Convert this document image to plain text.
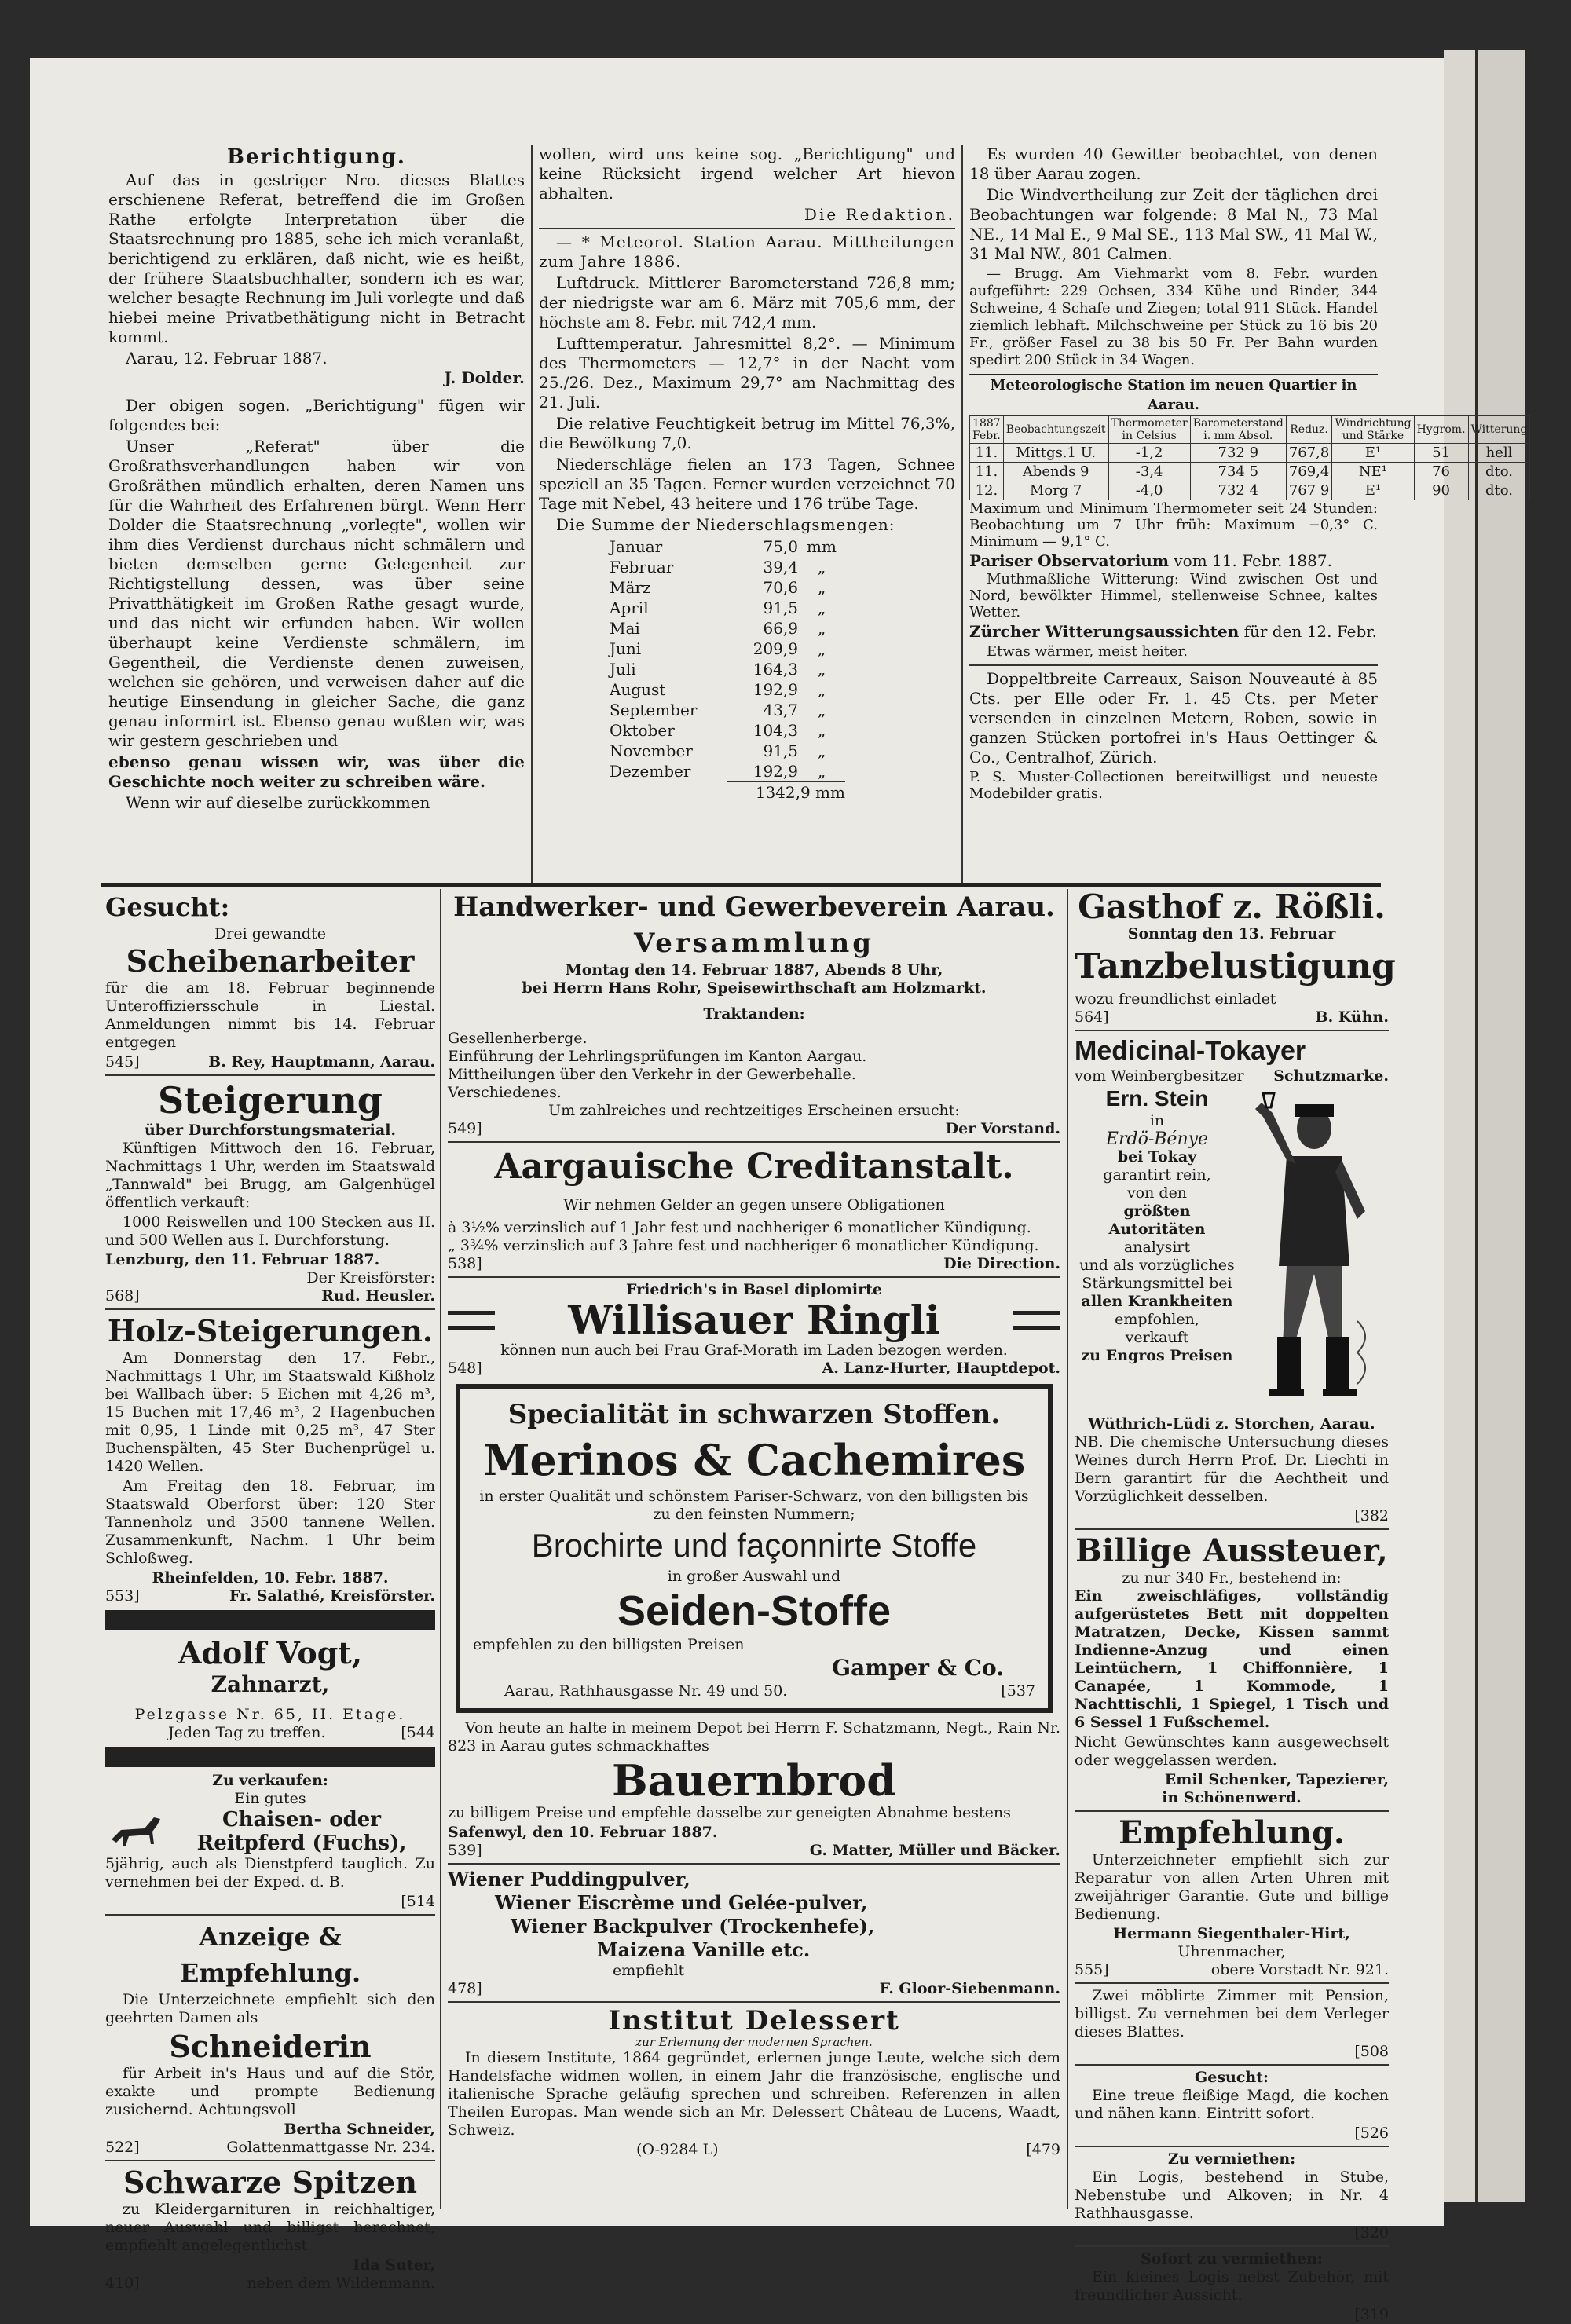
Berichtigung.

Auf das in gestriger Nro. dieses Blattes erschienene Referat, betreffend die im Großen Rathe erfolgte Interpretation über die Staatsrechnung pro 1885, sehe ich mich veranlaßt, berichtigend zu erklären, daß nicht, wie es heißt, der frühere Staatsbuchhalter, sondern ich es war, welcher besagte Rechnung im Juli vorlegte und daß hiebei meine Privatbethätigung nicht in Betracht kommt.

Aarau, 12. Februar 1887.
J. Dolder.

Der obigen sogen. „Berichtigung" fügen wir folgendes bei:

Unser „Referat" über die Großrathsverhandlungen haben wir von Großräthen mündlich erhalten, deren Namen uns für die Wahrheit des Erfahrenen bürgt. Wenn Herr Dolder die Staatsrechnung „vorlegte", wollen wir ihm dies Verdienst durchaus nicht schmälern und bieten demselben gerne Gelegenheit zur Richtigstellung dessen, was über seine Privatthätigkeit im Großen Rathe gesagt wurde, und das nicht wir erfunden haben. Wir wollen überhaupt keine Verdienste schmälern, im Gegentheil, die Verdienste denen zuweisen, welchen sie gehören, und verweisen daher auf die heutige Einsendung in gleicher Sache, die ganz genau informirt ist. Ebenso genau wußten wir, was wir gestern geschrieben und

ebenso genau wissen wir, was über die Geschichte noch weiter zu schreiben wäre.

Wenn wir auf dieselbe zurückkommen

wollen, wird uns keine sog. „Berichtigung" und keine Rücksicht irgend welcher Art hievon abhalten.

Die Redaktion.

— * Meteorol. Station Aarau. Mittheilungen zum Jahre 1886.

Luftdruck. Mittlerer Barometerstand 726,8 mm; der niedrigste war am 6. März mit 705,6 mm, der höchste am 8. Febr. mit 742,4 mm.

Lufttemperatur. Jahresmittel 8,2°. — Minimum des Thermometers — 12,7° in der Nacht vom 25./26. Dez., Maximum 29,7° am Nachmittag des 21. Juli.

Die relative Feuchtigkeit betrug im Mittel 76,3%, die Bewölkung 7,0.

Niederschläge fielen an 173 Tagen, Schnee speziell an 35 Tagen. Ferner wurden verzeichnet 70 Tage mit Nebel, 43 heitere und 176 trübe Tage.

Die Summe der Niederschlagsmengen:

Januar	75,0 mm
Februar	39,4	„
März	70,6	„
April	91,5	„
Mai	66,9	„
Juni	209,9	„
Juli	164,3	„
August	192,9	„
September	43,7	„
Oktober	104,3	„
November	91,5	„
Dezember	192,9	„
1342,9 mm

Es wurden 40 Gewitter beobachtet, von denen 18 über Aarau zogen.

Die Windvertheilung zur Zeit der täglichen drei Beobachtungen war folgende: 8 Mal N., 73 Mal NE., 14 Mal E., 9 Mal SE., 113 Mal SW., 41 Mal W., 31 Mal NW., 801 Calmen.

— Brugg. Am Viehmarkt vom 8. Febr. wurden aufgeführt: 229 Ochsen, 334 Kühe und Rinder, 344 Schweine, 4 Schafe und Ziegen; total 911 Stück. Handel ziemlich lebhaft. Milchschweine per Stück zu 16 bis 20 Fr., größer Fasel zu 38 bis 50 Fr. Per Bahn wurden spedirt 200 Stück in 34 Wagen.

Meteorologische Station im neuen Quartier in Aarau.
1887 Febr.	Beobachtungszeit	Thermometer in Celsius	Barometerstand i. mm Absol.	Reduz.	Windrichtung und Stärke	Hygrom.	Witterung
11.	Mittgs.1 U.	-1,2	732 9	767,8	E¹	51	hell
11.	Abends 9	-3,4	734 5	769,4	NE¹	76	dto.
12.	Morg 7	-4,0	732 4	767 9	E¹	90	dto.

Maximum und Minimum Thermometer seit 24 Stunden: Beobachtung um 7 Uhr früh: Maximum −0,3° C. Minimum — 9,1° C.

Pariser Observatorium vom 11. Febr. 1887.

Muthmaßliche Witterung: Wind zwischen Ost und Nord, bewölkter Himmel, stellenweise Schnee, kaltes Wetter.

Zürcher Witterungsaussichten für den 12. Febr.

Etwas wärmer, meist heiter.

Doppeltbreite Carreaux, Saison Nouveauté à 85 Cts. per Elle oder Fr. 1. 45 Cts. per Meter versenden in einzelnen Metern, Roben, sowie in ganzen Stücken portofrei in's Haus Oettinger & Co., Centralhof, Zürich.

P. S. Muster-Collectionen bereitwilligst und neueste Modebilder gratis.

Gesucht:
Drei gewandte
Scheibenarbeiter

für die am 18. Februar beginnende Unteroffiziersschule in Liestal. Anmeldungen nimmt bis 14. Februar entgegen

545]	B. Rey, Hauptmann, Aarau.
Steigerung
über Durchforstungsmaterial.

Künftigen Mittwoch den 16. Februar, Nachmittags 1 Uhr, werden im Staatswald „Tannwald" bei Brugg, am Galgenhügel öffentlich verkauft:

1000 Reiswellen und 100 Stecken aus II. und 500 Wellen aus I. Durchforstung.

Lenzburg, den 11. Februar 1887.
Der Kreisförster:
568]	Rud. Heusler.
Holz-Steigerungen.

Am Donnerstag den 17. Febr., Nachmittags 1 Uhr, im Staatswald Kißholz bei Wallbach über: 5 Eichen mit 4,26 m³, 15 Buchen mit 17,46 m³, 2 Hagenbuchen mit 0,95, 1 Linde mit 0,25 m³, 47 Ster Buchenspälten, 45 Ster Buchenprügel u. 1420 Wellen.

Am Freitag den 18. Februar, im Staatswald Oberforst über: 120 Ster Tannenholz und 3500 tannene Wellen. Zusammenkunft, Nachm. 1 Uhr beim Schloßweg.

Rheinfelden, 10. Febr. 1887.
553]	Fr. Salathé, Kreisförster.
Adolf Vogt,
Zahnarzt,
Pelzgasse Nr. 65, II. Etage.
Jeden Tag zu treffen.	[544
Zu verkaufen:
Ein gutes
Chaisen- oder Reitpferd (Fuchs),

5jährig, auch als Dienstpferd tauglich. Zu vernehmen bei der Exped. d. B.

[514
Anzeige & Empfehlung.

Die Unterzeichnete empfiehlt sich den geehrten Damen als

Schneiderin

für Arbeit in's Haus und auf die Stör, exakte und prompte Bedienung zusichernd. Achtungsvoll

Bertha Schneider,
522]	Golattenmattgasse Nr. 234.
Schwarze Spitzen

zu Kleidergarnituren in reichhaltiger, neuer Auswahl und billigst berechnet, empfiehlt angelegentlichst

Ida Suter,
410]	neben dem Wildenmann.
Handwerker- und Gewerbeverein Aarau.
Versammlung
Montag den 14. Februar 1887, Abends 8 Uhr,
bei Herrn Hans Rohr, Speisewirthschaft am Holzmarkt.
Traktanden:
Gesellenherberge.
Einführung der Lehrlingsprüfungen im Kanton Aargau.
Mittheilungen über den Verkehr in der Gewerbehalle.
Verschiedenes.
Um zahlreiches und rechtzeitiges Erscheinen ersucht:
549]	Der Vorstand.
Aargauische Creditanstalt.
Wir nehmen Gelder an gegen unsere Obligationen
à 3½% verzinslich auf 1 Jahr fest und nachheriger 6 monatlicher Kündigung.
„ 3¾% verzinslich auf 3 Jahre fest und nachheriger 6 monatlicher Kündigung.
538]	Die Direction.
Friedrich's in Basel diplomirte
Willisauer Ringli
können nun auch bei Frau Graf-Morath im Laden bezogen werden.
548]	A. Lanz-Hurter, Hauptdepot.
Specialität in schwarzen Stoffen.
Merinos & Cachemires
in erster Qualität und schönstem Pariser-Schwarz, von den billigsten bis zu den feinsten Nummern;
Brochirte und façonnirte Stoffe
in großer Auswahl und
Seiden-Stoffe
empfehlen zu den billigsten Preisen
Gamper & Co.
Aarau, Rathhausgasse Nr. 49 und 50.	[537

Von heute an halte in meinem Depot bei Herrn F. Schatzmann, Negt., Rain Nr. 823 in Aarau gutes schmackhaftes

Bauernbrod

zu billigem Preise und empfehle dasselbe zur geneigten Abnahme bestens

Safenwyl, den 10. Februar 1887.
539]	G. Matter, Müller und Bäcker.
Wiener Puddingpulver,
Wiener Eiscrème und Gelée-pulver,
Wiener Backpulver (Trockenhefe),
Maizena Vanille etc.
empfiehlt
478]	F. Gloor-Siebenmann.
Institut Delessert
zur Erlernung der modernen Sprachen.

In diesem Institute, 1864 gegründet, erlernen junge Leute, welche sich dem Handelsfache widmen wollen, in einem Jahr die französische, englische und italienische Sprache geläufig sprechen und schreiben. Referenzen in allen Theilen Europas. Man wende sich an Mr. Delessert Château de Lucens, Waadt, Schweiz.

(O-9284 L)	[479
Gasthof z. Rößli.
Sonntag den 13. Februar
Tanzbelustigung
wozu freundlichst einladet
564]	B. Kühn.
Medicinal-Tokayer
vom Weinbergbesitzer Schutzmarke.
Ern. Stein
in
Erdö-Bénye
bei Tokay
garantirt rein,
von den
größten Autoritäten
analysirt
und als vorzügliches
Stärkungsmittel bei
allen Krankheiten
empfohlen,
verkauft
zu Engros Preisen
Wüthrich-Lüdi z. Storchen, Aarau.

NB. Die chemische Untersuchung dieses Weines durch Herrn Prof. Dr. Liechti in Bern garantirt für die Aechtheit und Vorzüglichkeit desselben.

[382
Billige Aussteuer,
zu nur 340 Fr., bestehend in:

Ein zweischläfiges, vollständig aufgerüstetes Bett mit doppelten Matratzen, Decke, Kissen sammt Indienne-Anzug und einen Leintüchern, 1 Chiffonnière, 1 Canapée, 1 Kommode, 1 Nachttischli, 1 Spiegel, 1 Tisch und 6 Sessel 1 Fußschemel.

Nicht Gewünschtes kann ausgewechselt oder weggelassen werden.

Emil Schenker, Tapezierer,
in Schönenwerd.
Empfehlung.

Unterzeichneter empfiehlt sich zur Reparatur von allen Arten Uhren mit zweijähriger Garantie. Gute und billige Bedienung.

Hermann Siegenthaler-Hirt,
Uhrenmacher,
555]	obere Vorstadt Nr. 921.

Zwei möblirte Zimmer mit Pension, billigst. Zu vernehmen bei dem Verleger dieses Blattes.

[508
Gesucht:

Eine treue fleißige Magd, die kochen und nähen kann. Eintritt sofort.

[526
Zu vermiethen:

Ein Logis, bestehend in Stube, Nebenstube und Alkoven; in Nr. 4 Rathhausgasse.

[320
Sofort zu vermiethen:

Ein kleines Logis nebst Zubehör, mit freundlicher Aussicht.

[319
